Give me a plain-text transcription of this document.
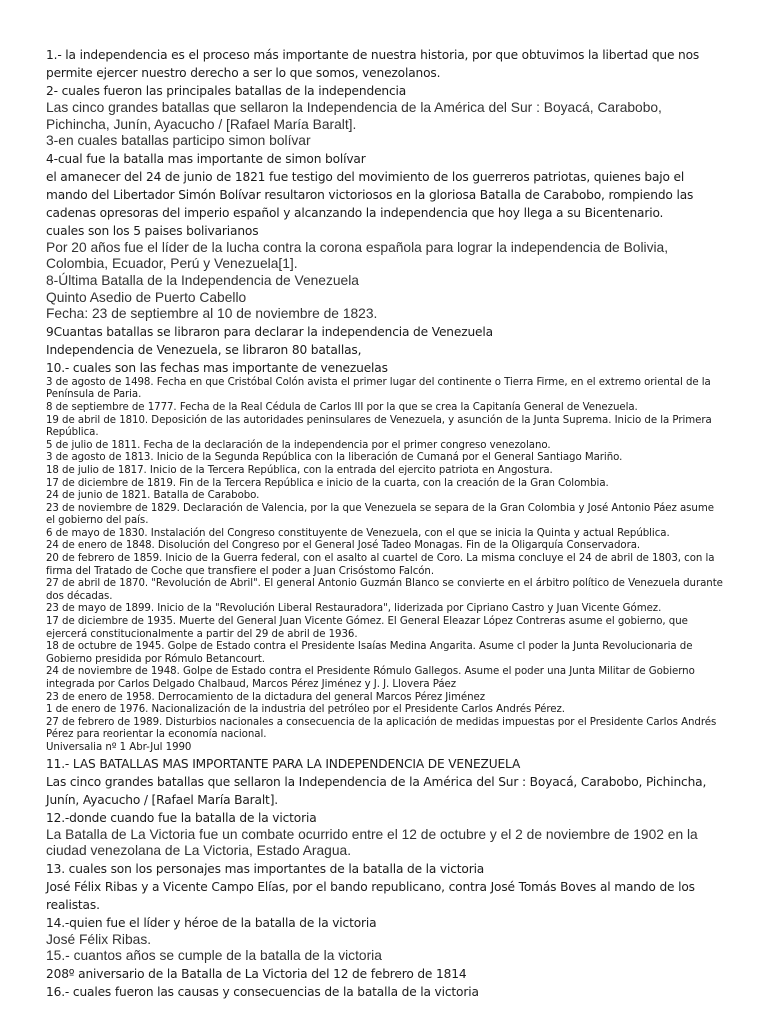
1.- la independencia es el proceso más importante de nuestra historia, por que obtuvimos la libertad que nos permite ejercer nuestro derecho a ser lo que somos, venezolanos.
2- cuales fueron las principales batallas de la independencia
Las cinco grandes batallas que sellaron la Independencia de la América del Sur : Boyacá, Carabobo, Pichincha, Junín, Ayacucho / [Rafael María Baralt].
3-en cuales batallas participo simon bolívar
4-cual fue la batalla mas importante de simon bolívar
el amanecer del 24 de junio de 1821 fue testigo del movimiento de los guerreros patriotas, quienes bajo el mando del Libertador Simón Bolívar resultaron victoriosos en la gloriosa Batalla de Carabobo, rompiendo las cadenas opresoras del imperio español y alcanzando la independencia que hoy llega a su Bicentenario.
cuales son los 5 paises bolivarianos
Por 20 años fue el líder de la lucha contra la corona española para lograr la independencia de Bolivia, Colombia, Ecuador, Perú y Venezuela[1].
8-Última Batalla de la Independencia de Venezuela
Quinto Asedio de Puerto Cabello
Fecha: 23 de septiembre al 10 de noviembre de 1823.
9Cuantas batallas se libraron para declarar la independencia de Venezuela
Independencia de Venezuela, se libraron 80 batallas,
10.- cuales son las fechas mas importante de venezuelas
3 de agosto de 1498. Fecha en que Cristóbal Colón avista el primer lugar del continente o Tierra Firme, en el extremo oriental de la Península de Paria.
8 de septiembre de 1777. Fecha de la Real Cédula de Carlos III por la que se crea la Capitanía General de Venezuela.
19 de abril de 1810. Deposición de las autoridades peninsulares de Venezuela, y asunción de la Junta Suprema. Inicio de la Primera República.
5 de julio de 1811. Fecha de la declaración de la independencia por el primer congreso venezolano.
3 de agosto de 1813. Inicio de la Segunda República con la liberación de Cumaná por el General Santiago Mariño.
18 de julio de 1817. Inicio de la Tercera República, con la entrada del ejercito patriota en Angostura.
17 de diciembre de 1819. Fin de la Tercera República e inicio de la cuarta, con la creación de la Gran Colombia.
24 de junio de 1821. Batalla de Carabobo.
23 de noviembre de 1829. Declaración de Valencia, por la que Venezuela se separa de la Gran Colombia y José Antonio Páez asume el gobierno del país.
6 de mayo de 1830. Instalación del Congreso constituyente de Venezuela, con el que se inicia la Quinta y actual República.
24 de enero de 1848. Disolución del Congreso por el General José Tadeo Monagas. Fin de la Oligarquía Conservadora.
20 de febrero de 1859. Inicio de la Guerra federal, con el asalto al cuartel de Coro. La misma concluye el 24 de abril de 1803, con la firma del Tratado de Coche que transfiere el poder a Juan Crisóstomo Falcón.
27 de abril de 1870. "Revolución de Abril". El general Antonio Guzmán Blanco se convierte en el árbitro político de Venezuela durante dos décadas.
23 de mayo de 1899. Inicio de la "Revolución Liberal Restauradora", liderizada por Cipriano Castro y Juan Vicente Gómez.
17 de diciembre de 1935. Muerte del General Juan Vicente Gómez. El General Eleazar López Contreras asume el gobierno, que ejercerá constitucionalmente a partir del 29 de abril de 1936.
18 de octubre de 1945. Golpe de Estado contra el Presidente Isaías Medina Angarita. Asume cl poder la Junta Revolucionaria de Gobierno presidida por Rómulo Betancourt.
24 de noviembre de 1948. Golpe de Estado contra el Presidente Rómulo Gallegos. Asume el poder una Junta Militar de Gobierno integrada por Carlos Delgado Chalbaud, Marcos Pérez Jiménez y J. J. Llovera Páez
23 de enero de 1958. Derrocamiento de la dictadura del general Marcos Pérez Jiménez
1 de enero de 1976. Nacionalización de la industria del petróleo por el Presidente Carlos Andrés Pérez.
27 de febrero de 1989. Disturbios nacionales a consecuencia de la aplicación de medidas impuestas por el Presidente Carlos Andrés Pérez para reorientar la economía nacional.
Universalia nº 1 Abr-Jul 1990
11.- LAS BATALLAS MAS IMPORTANTE PARA LA INDEPENDENCIA DE VENEZUELA
Las cinco grandes batallas que sellaron la Independencia de la América del Sur : Boyacá, Carabobo, Pichincha, Junín, Ayacucho / [Rafael María Baralt].
12.-donde cuando fue la batalla de la victoria
La Batalla de La Victoria fue un combate ocurrido entre el 12 de octubre y el 2 de noviembre de 1902 en la ciudad venezolana de La Victoria, Estado Aragua.
13. cuales son los personajes mas importantes de la batalla de la victoria
José Félix Ribas y a Vicente Campo Elías, por el bando republicano, contra José Tomás Boves al mando de los realistas.
14.-quien fue el líder y héroe de la batalla de la victoria
José Félix Ribas.
15.- cuantos años se cumple de la batalla de la victoria
208º aniversario de la Batalla de La Victoria del 12 de febrero de 1814
16.- cuales fueron las causas y consecuencias de la batalla de la victoria
